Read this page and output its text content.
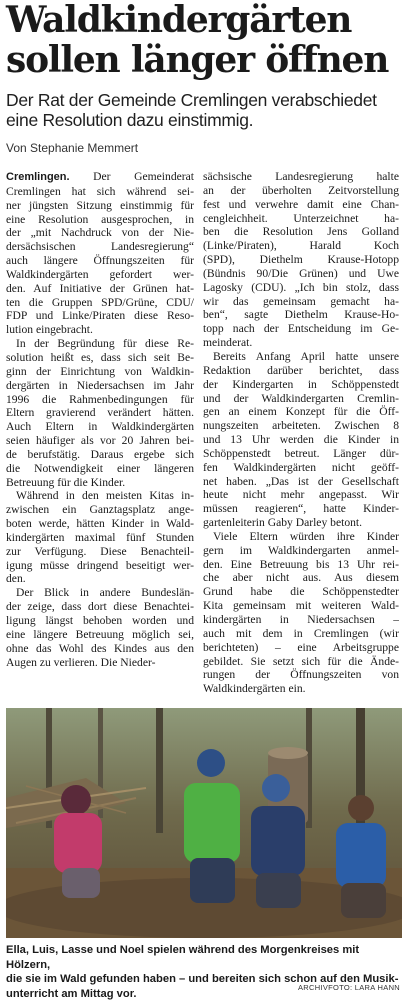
Waldkindergärten
sollen länger öffnen
Der Rat der Gemeinde Cremlingen verabschiedet
eine Resolution dazu einstimmig.
Von Stephanie Memmert
Cremlingen. Der Gemeinderat
Cremlingen hat sich während sei-
ner jüngsten Sitzung einstimmig für
eine Resolution ausgesprochen, in
der „mit Nachdruck von der Nie-
dersächsischen Landesregierung“
auch längere Öffnungszeiten für
Waldkindergärten gefordert wer-
den. Auf Initiative der Grünen hat-
ten die Gruppen SPD/Grüne, CDU/
FDP und Linke/Piraten diese Reso-
lution eingebracht.
In der Begründung für diese Re-
solution heißt es, dass sich seit Be-
ginn der Einrichtung von Waldkin-
dergärten in Niedersachsen im Jahr
1996 die Rahmenbedingungen für
Eltern gravierend verändert hätten.
Auch Eltern in Waldkindergärten
seien häufiger als vor 20 Jahren bei-
de berufstätig. Daraus ergebe sich
die Notwendigkeit einer längeren
Betreuung für die Kinder.
Während in den meisten Kitas in-
zwischen ein Ganztagsplatz ange-
boten werde, hätten Kinder in Wald-
kindergärten maximal fünf Stunden
zur Verfügung. Diese Benachteil-
igung müsse dringend beseitigt wer-
den.
Der Blick in andere Bundeslän-
der zeige, dass dort diese Benachtei-
ligung längst behoben worden und
eine längere Betreuung möglich sei,
ohne das Wohl des Kindes aus den
Augen zu verlieren. Die Nieder-
sächsische Landesregierung halte
an der überholten Zeitvorstellung
fest und verwehre damit eine Chan-
cengleichheit. Unterzeichnet ha-
ben die Resolution Jens Golland
(Linke/Piraten), Harald Koch
(SPD), Diethelm Krause-Hotopp
(Bündnis 90/Die Grünen) und Uwe
Lagosky (CDU). „Ich bin stolz, dass
wir das gemeinsam gemacht ha-
ben“, sagte Diethelm Krause-Ho-
topp nach der Entscheidung im Ge-
meinderat.
Bereits Anfang April hatte unsere
Redaktion darüber berichtet, dass
der Kindergarten in Schöppenstedt
und der Waldkindergarten Cremlin-
gen an einem Konzept für die Öff-
nungszeiten arbeiteten. Zwischen 8
und 13 Uhr werden die Kinder in
Schöppenstedt betreut. Länger dür-
fen Waldkindergärten nicht geöff-
net haben. „Das ist der Gesellschaft
heute nicht mehr angepasst. Wir
müssen reagieren“, hatte Kinder-
gartenleiterin Gaby Darley betont.
Viele Eltern würden ihre Kinder
gern im Waldkindergarten anmel-
den. Eine Betreuung bis 13 Uhr rei-
che aber nicht aus. Aus diesem
Grund habe die Schöppenstedter
Kita gemeinsam mit weiteren Wald-
kindergärten in Niedersachsen –
auch mit dem in Cremlingen (wir
berichteten) – eine Arbeitsgruppe
gebildet. Sie setzt sich für die Ände-
rungen der Öffnungszeiten von
Waldkindergärten ein.
Ella, Luis, Lasse und Noel spielen während des Morgenkreises mit Hölzern,
die sie im Wald gefunden haben – und bereiten sich schon auf den Musik-
unterricht am Mittag vor.	ARCHIVFOTO: LARA HANN
